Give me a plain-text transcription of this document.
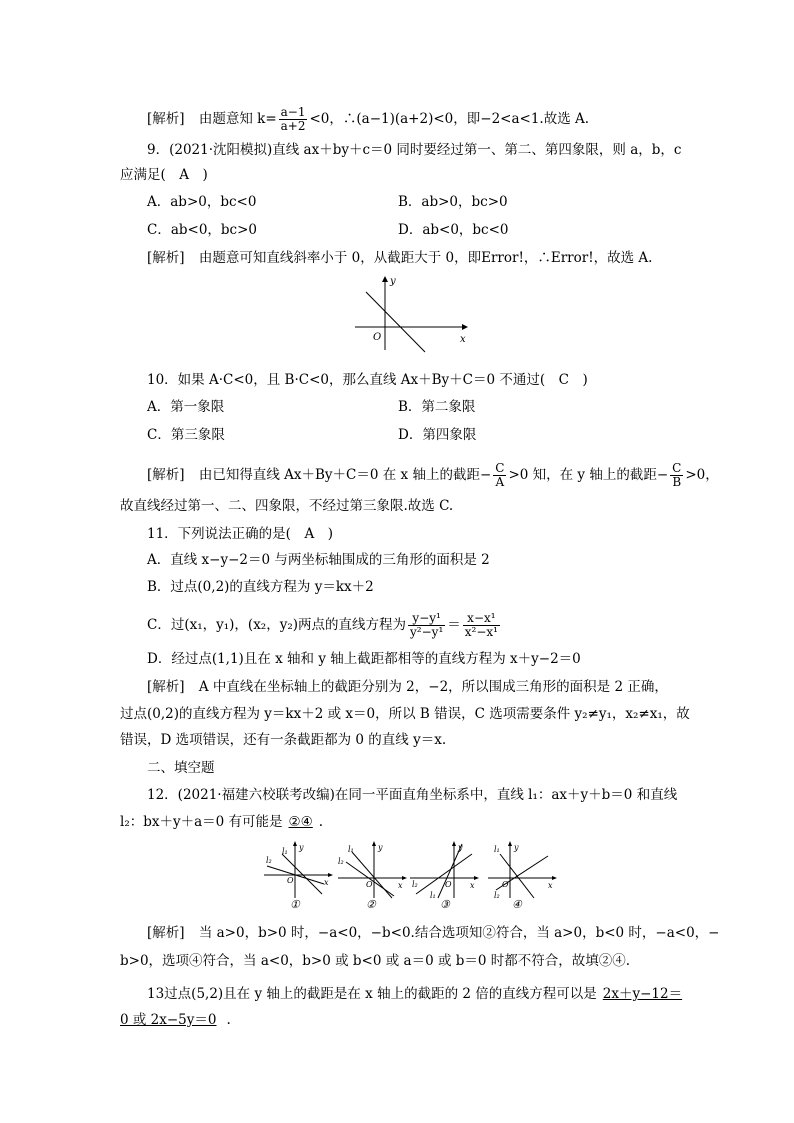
[解析] 由题意知 $k= \frac{a-1}{a+2} <0$，∴(a−1)(a+2)<0，即−2<a<1.故选 A.
9．(2021·沈阳模拟)直线 ax＋by＋c＝0 同时要经过第一、第二、第四象限，则 a，b，c
应满足(　A　)
A．ab>0，bc<0	B．ab>0，bc>0
C．ab<0，bc>0	D．ab<0，bc<0
[解析] 由题意可知直线斜率小于 0，从截距大于 0，即Error!，∴Error!，故选 A.
y
O	x
10．如果 A·C<0，且 B·C<0，那么直线 Ax＋By＋C＝0 不通过(　C　)
A．第一象限	B．第二象限
C．第三象限	D．第四象限
[解析] 由已知得直线 Ax＋By＋C＝0 在 x 轴上的截距− $\frac{C}{A} >0$ 知，在 y 轴上的截距− $\frac{C}{B} >0$，
故直线经过第一、二、四象限，不经过第三象限.故选 C.
11．下列说法正确的是(　A　)
A．直线 x−y−2＝0 与两坐标轴围成的三角形的面积是 2
B．过点(0,2)的直线方程为 y＝kx＋2
C．过(x₁，y₁)，(x₂，y₂)两点的直线方程为 $\frac{\text{y−y¹}}{\text{y²−y¹}} = \frac{\text{x−x¹}}{\text{x²−x¹}}$
D．经过点(1,1)且在 x 轴和 y 轴上截距都相等的直线方程为 x＋y−2＝0
[解析] A 中直线在坐标轴上的截距分别为 2，−2，所以围成三角形的面积是 2 正确，
过点(0,2)的直线方程为 y＝kx＋2 或 x＝0，所以 B 错误，C 选项需要条件 y₂≠y₁，x₂≠x₁，故
错误，D 选项错误，还有一条截距都为 0 的直线 y＝x.
二、填空题
12．(2021·福建六校联考改编)在同一平面直角坐标系中，直线 l₁：ax＋y＋b＝0 和直线
l₂：bx＋y＋a＝0 有可能是 ②④ .
l₁
l₂
y
O	x
①
l₁
l₂
y
O	x
②
l₂
l₁
y
O x
③
l₁
l₂
y
O	x
④
[解析] 当 a>0，b>0 时，−a<0，−b<0.结合选项知②符合，当 a>0，b<0 时，−a<0，−
b>0，选项④符合，当 a<0，b>0 或 b<0 或 a＝0 或 b＝0 时都不符合，故填②④.
13过点(5,2)且在 y 轴上的截距是在 x 轴上的截距的 2 倍的直线方程可以是 2x＋y−12＝
0 或 2x−5y＝0 .
